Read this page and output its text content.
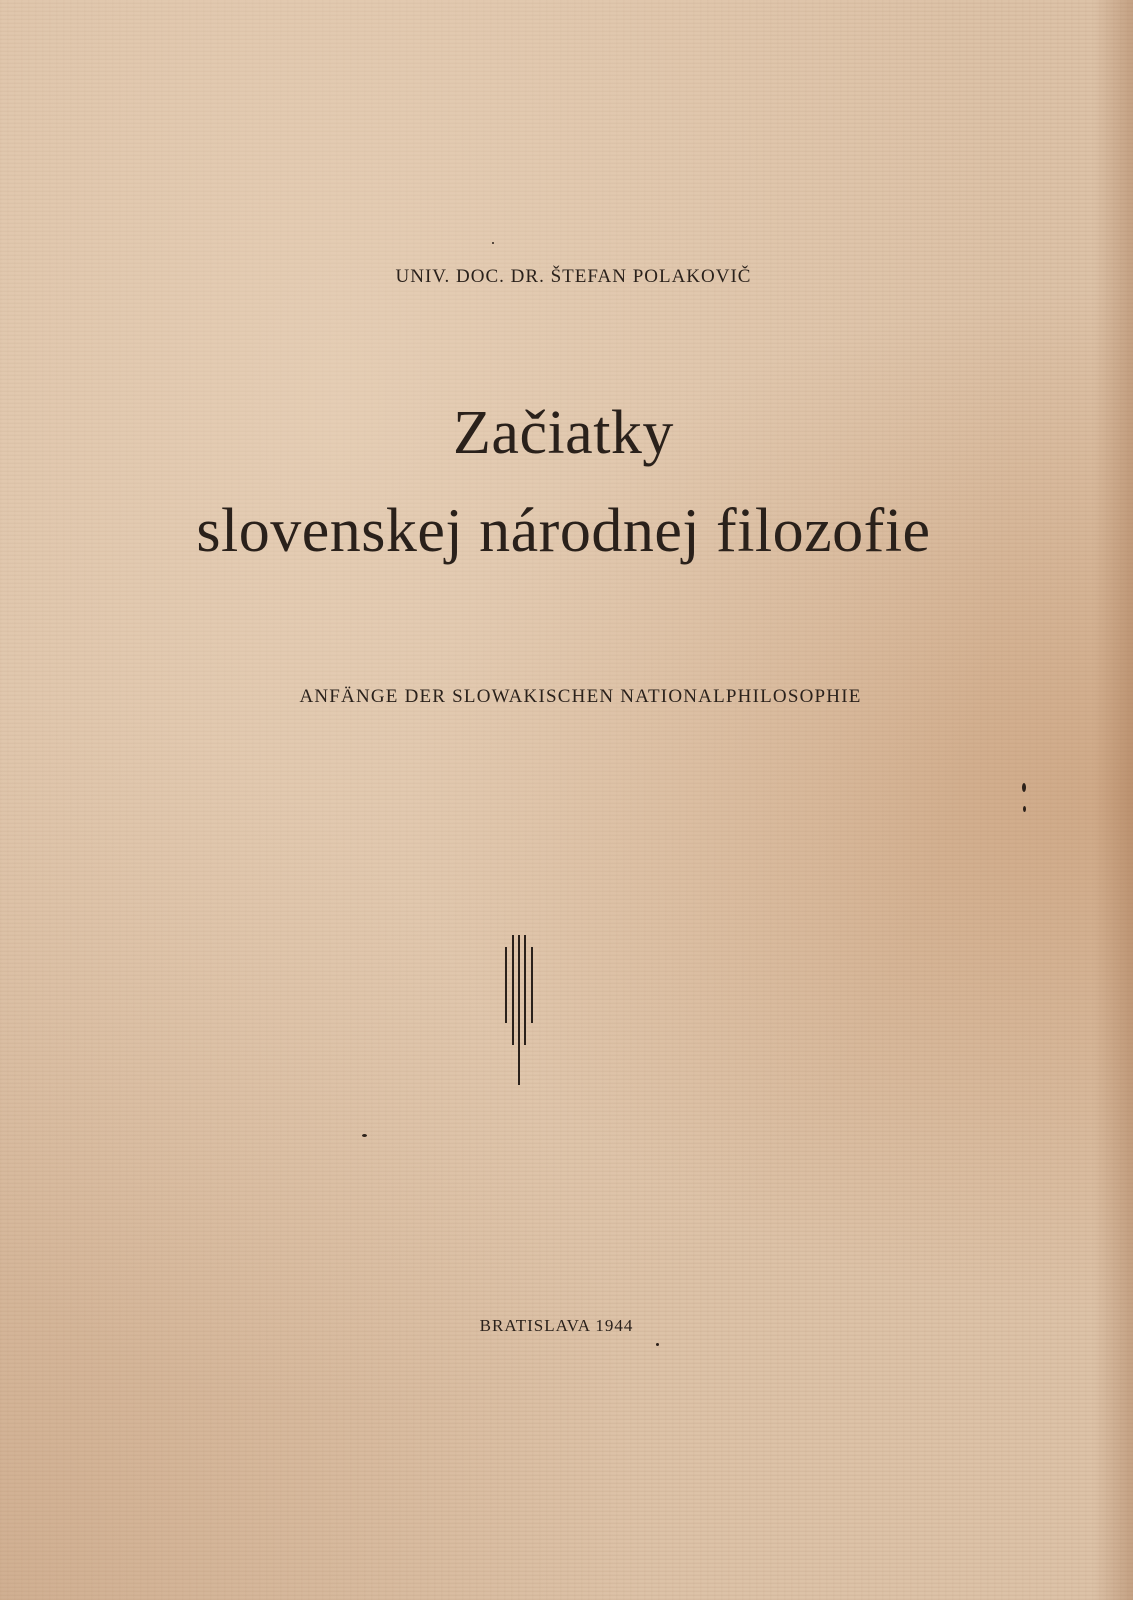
UNIV. DOC. DR. ŠTEFAN POLAKOVIČ
Začiatky
slovenskej národnej filozofie
ANFÄNGE DER SLOWAKISCHEN NATIONALPHILOSOPHIE
BRATISLAVA 1944
